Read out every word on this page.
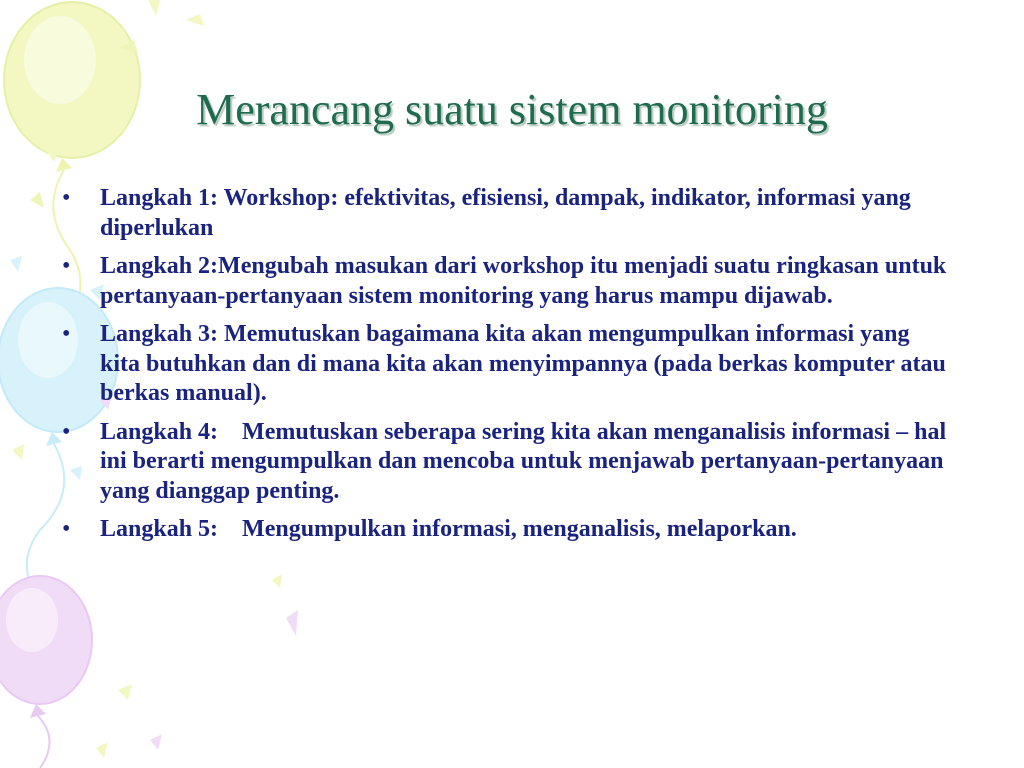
Merancang suatu sistem monitoring
• Langkah 1: Workshop: efektivitas, efisiensi, dampak, indikator, informasi yang diperlukan
• Langkah 2:Mengubah masukan dari workshop itu menjadi suatu ringkasan untuk pertanyaan-pertanyaan sistem monitoring yang harus mampu dijawab.
• Langkah 3: Memutuskan bagaimana kita akan mengumpulkan informasi yang kita butuhkan dan di mana kita akan menyimpannya (pada berkas komputer atau berkas manual).
• Langkah 4:    Memutuskan seberapa sering kita akan menganalisis informasi – hal ini berarti mengumpulkan dan mencoba untuk menjawab pertanyaan-pertanyaan yang dianggap penting.
• Langkah 5:    Mengumpulkan informasi, menganalisis, melaporkan.
